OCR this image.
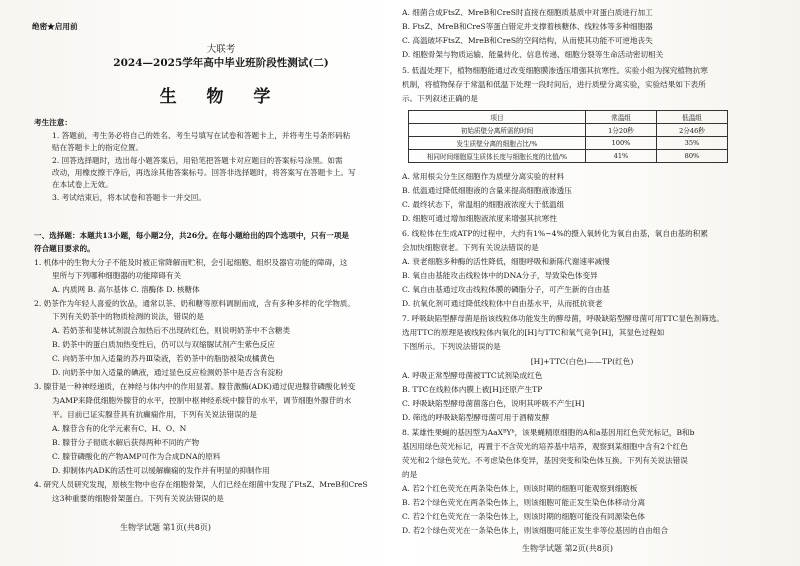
绝密★启用前
大联考
2024—2025学年高中毕业班阶段性测试(二)
生 物 学
考生注意：
1. 答题前，考生务必将自己的姓名、考生号填写在试卷和答题卡上，并将考生号条形码粘
贴在答题卡上的指定位置。
2. 回答选择题时，选出每小题答案后，用铅笔把答题卡对应题目的答案标号涂黑。如需
改动，用橡皮擦干净后，再选涂其他答案标号。回答非选择题时，将答案写在答题卡上。写
在本试卷上无效。
3. 考试结束后，将本试卷和答题卡一并交回。
一、选择题：本题共13小题，每小题2分，共26分。在每小题给出的四个选项中，只有一项是
符合题目要求的。
1. 机体中的生物大分子不能及时被正常降解而贮积，会引起细胞、组织及器官功能的障碍，这
里所与下列哪种细胞器的功能障碍有关
A. 内质网 B. 高尔基体 C. 溶酶体 D. 核糖体
2. 奶茶作为年轻人喜爱的饮品，通常以茶、奶和糖等原料调制而成，含有多种多样的化学物质。
下列有关奶茶中的物质检测的说法，错误的是
A. 若奶茶和斐林试剂混合加热后不出现砖红色，则说明奶茶中不含糖类
B. 奶茶中的蛋白质加热变性后，仍可以与双缩脲试剂产生紫色反应
C. 向奶茶中加入适量的苏丹Ⅲ染液，若奶茶中的脂肪被染成橘黄色
D. 向奶茶中加入适量的碘液，通过显色反应检测奶茶中是否含有淀粉
3. 腺苷是一种神经递质，在神经与体内中的作用显著。腺苷激酶(ADK)通过促进腺苷磷酸化转变
为AMP来降低细胞外腺苷的水平，控制中枢神经系统中腺苷的水平，调节细胞外腺苷的水
平。目前已证实腺苷具有抗癫痫作用，下列有关说法错误的是
A. 腺苷含有的化学元素有C、H、O、N
B. 腺苷分子彻底水解后获得两种不同的产物
C. 腺苷磷酸化的产物AMP可作为合成DNA的原料
D. 抑制体内ADK的活性可以缓解癫痫的发作并有明显的抑制作用
4. 研究人员研究发现，原核生物中也存在细胞骨架，人们已经在细菌中发现了FtsZ、MreB和CreS
这3种重要的细胞骨架蛋白。下列有关说法错误的是
生物学试题 第1页(共8页)
A. 细菌合成FtsZ、MreB和CreS时直接在细胞质基质中对蛋白质进行加工
B. FtsZ、MreB和CreS等蛋白错定并支撑着核糖体、线粒体等多种细胞器
C. 高温破坏FtsZ、MreB和CreS的空间结构，从而使其功能不可逆地丧失
D. 细胞骨架与物质运输、能量转化、信息传递、细胞分裂等生命活动密切相关
5. 低温处理下，植物细胞能通过改变细胞膜渗透压增强其抗寒性。实验小组为探究植物抗寒
机制，将植物保存于常温和低温下处理一段时间后，进行质壁分离实验，实验结果如下表所
示。下列叙述正确的是
项目	常温组	低温组
初始质壁分离所需的时间	1分20秒	2分46秒
发生质壁分离的细胞占比/%	100%	35%
相同时间细胞原生质体长度与细胞长度的比值/%	41%	80%
A. 常用根尖分生区细胞作为质壁分离实验的材料
B. 低温通过降低细胞液的含量来提高细胞液渗透压
C. 最终状态下，常温组的细胞液浓度大于低温组
D. 细胞可通过增加细胞液浓度来增强其抗寒性
6. 线粒体在生成ATP的过程中，大约有1%~4%的摄入氧转化为氧自由基，氧自由基的积累
会加快细胞衰老。下列有关说法错误的是
A. 衰老细胞多种酶的活性降低，细胞呼吸和新陈代谢速率减慢
B. 氧自由基能攻击线粒体中的DNA分子，导致染色体变异
C. 氧自由基通过攻击线粒体膜的磷脂分子，可产生新的自由基
D. 抗氧化剂可通过降低线粒体中自由基水平，从而抵抗衰老
7. 呼吸缺陷型酵母菌是指该线粒体功能发生的酵母菌，呼吸缺陷型酵母菌可用TTC显色剂筛选。
选用TTC的原理是被线粒体内氧化的[H]与TTC和氧气竞争[H]，其显色过程如
下图所示。下列说法错误的是
[H]+TTC(白色)——TP(红色)
A. 呼吸正常型酵母菌被TTC试剂染成红色
B. TTC在线粒体内膜上被[H]还原产生TP
C. 呼吸缺陷型酵母菌菌落白色，说明其呼吸不产生[H]
D. 筛选的呼吸缺陷型酵母菌可用于酒精发酵
8. 某雄性果蝇的基因型为AaXᴮYᵇ，该果蝇精原细胞的A和a基因用红色荧光标记，B和b
基因用绿色荧光标记，再置于不含荧光的培养基中培养，观察到某细胞中含有2个红色
荧光和2个绿色荧光。不考虑染色体变异，基因突变和染色体互换。下列有关说法错误
的是
A. 若2个红色荧光在两条染色体上，则该时期的细胞可能观察到细胞板
B. 若2个绿色荧光在两条染色体上，则该细胞可能正发生染色体移动分离
C. 若2个红色荧光在一条染色体上，则该时期的细胞可能没有同源染色体
D. 若2个绿色荧光在一条染色体上，则该细胞可能正发生非等位基因的自由组合
生物学试题 第2页(共8页)
